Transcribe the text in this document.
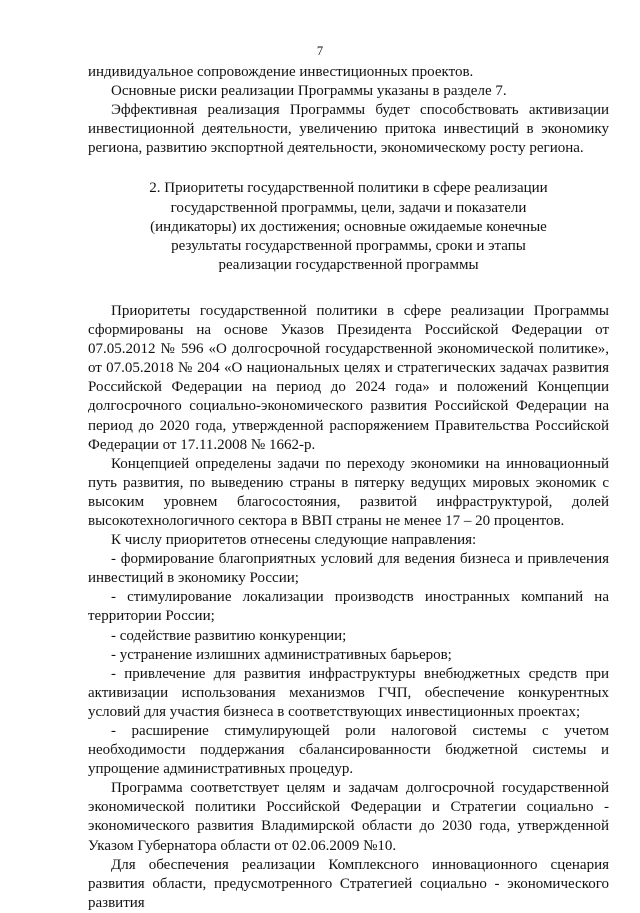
7

индивидуальное сопровождение инвестиционных проектов.

Основные риски реализации Программы указаны в разделе 7.

Эффективная реализация Программы будет способствовать активизации инвестиционной деятельности, увеличению притока инвестиций в экономику региона, развитию экспортной деятельности, экономическому росту региона.

2. Приоритеты государственной политики в сфере реализации
государственной программы, цели, задачи и показатели
(индикаторы) их достижения; основные ожидаемые конечные
результаты государственной программы, сроки и этапы
реализации государственной программы

Приоритеты государственной политики в сфере реализации Программы сформированы на основе Указов Президента Российской Федерации от 07.05.2012 № 596 «О долгосрочной государственной экономической политике», от 07.05.2018 № 204 «О национальных целях и стратегических задачах развития Российской Федерации на период до 2024 года» и положений Концепции долгосрочного социально-экономического развития Российской Федерации на период до 2020 года, утвержденной распоряжением Правительства Российской Федерации от 17.11.2008 № 1662-р.

Концепцией определены задачи по переходу экономики на инновационный путь развития, по выведению страны в пятерку ведущих мировых экономик с высоким уровнем благосостояния, развитой инфраструктурой, долей высокотехнологичного сектора в ВВП страны не менее 17 – 20 процентов.

К числу приоритетов отнесены следующие направления:

- формирование благоприятных условий для ведения бизнеса и привлечения инвестиций в экономику России;

- стимулирование локализации производств иностранных компаний на территории России;

- содействие развитию конкуренции;

- устранение излишних административных барьеров;

- привлечение для развития инфраструктуры внебюджетных средств при активизации использования механизмов ГЧП, обеспечение конкурентных условий для участия бизнеса в соответствующих инвестиционных проектах;

- расширение стимулирующей роли налоговой системы с учетом необходимости поддержания сбалансированности бюджетной системы и упрощение административных процедур.

Программа соответствует целям и задачам долгосрочной государственной экономической политики Российской Федерации и Стратегии социально - экономического развития Владимирской области до 2030 года, утвержденной Указом Губернатора области от 02.06.2009 №10.

Для обеспечения реализации Комплексного инновационного сценария развития области, предусмотренного Стратегией социально - экономического развития
